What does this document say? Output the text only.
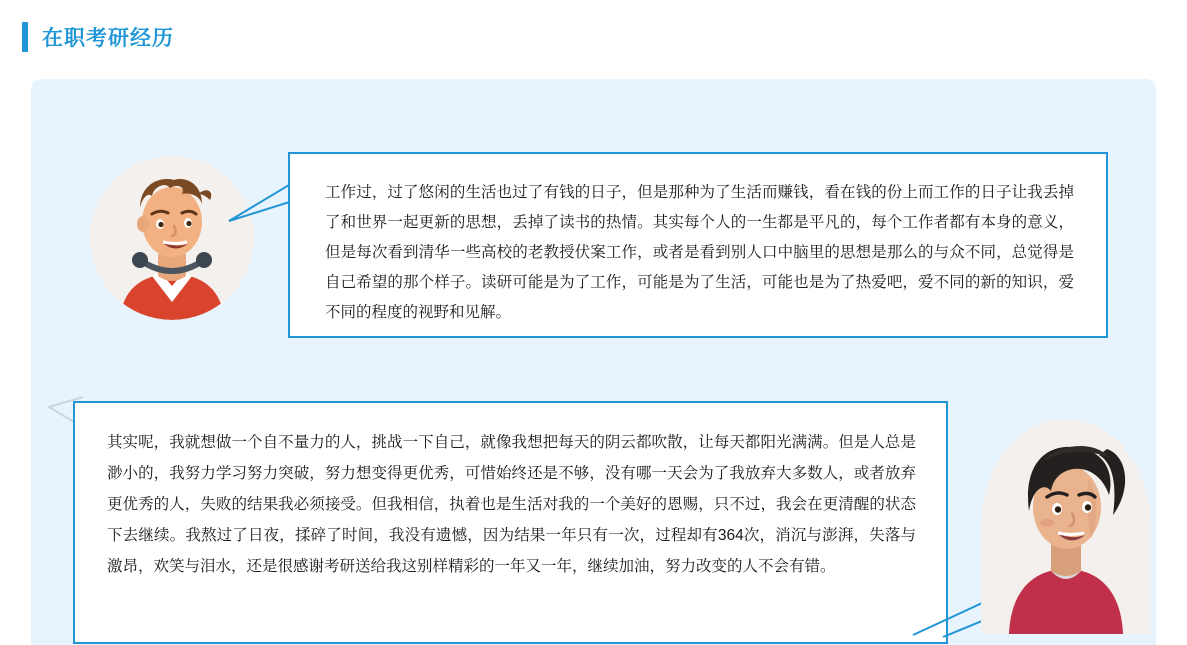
在职考研经历
工作过，过了悠闲的生活也过了有钱的日子，但是那种为了生活而赚钱，看在钱的份上而工作的日子让我丢掉了和世界一起更新的思想，丢掉了读书的热情。其实每个人的一生都是平凡的，每个工作者都有本身的意义，但是每次看到清华一些高校的老教授伏案工作，或者是看到别人口中脑里的思想是那么的与众不同，总觉得是自己希望的那个样子。读研可能是为了工作，可能是为了生活，可能也是为了热爱吧，爱不同的新的知识，爱不同的程度的视野和见解。
其实呢，我就想做一个自不量力的人，挑战一下自己，就像我想把每天的阴云都吹散，让每天都阳光满满。但是人总是渺小的，我努力学习努力突破，努力想变得更优秀，可惜始终还是不够，没有哪一天会为了我放弃大多数人，或者放弃更优秀的人，失败的结果我必须接受。但我相信，执着也是生活对我的一个美好的恩赐，只不过，我会在更清醒的状态下去继续。我熬过了日夜，揉碎了时间，我没有遗憾，因为结果一年只有一次，过程却有364次，消沉与澎湃，失落与激昂，欢笑与泪水，还是很感谢考研送给我这别样精彩的一年又一年，继续加油，努力改变的人不会有错。
